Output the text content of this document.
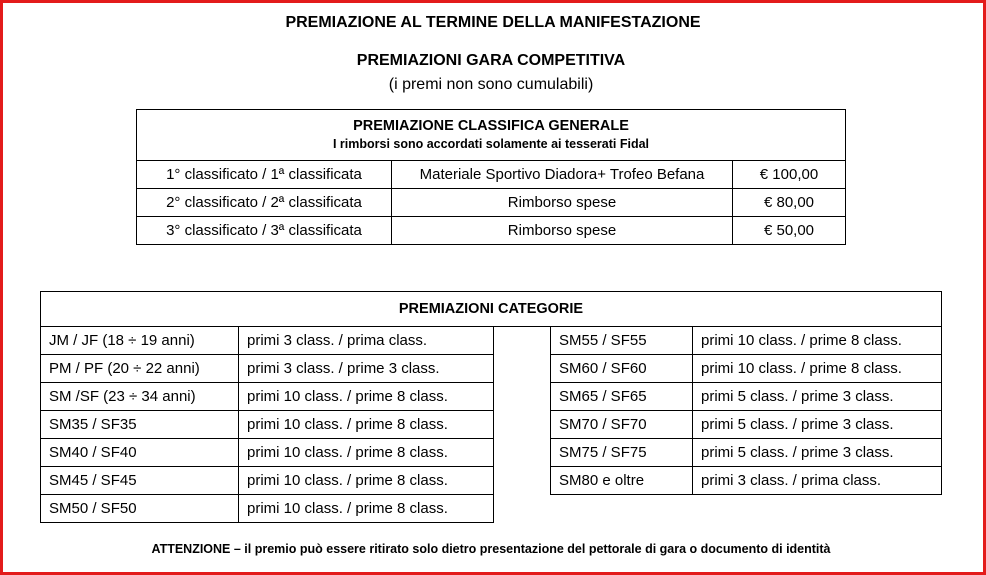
PREMIAZIONE AL TERMINE DELLA MANIFESTAZIONE
PREMIAZIONI GARA COMPETITIVA
(i premi non sono cumulabili)
PREMIAZIONE CLASSIFICA GENERALE
I rimborsi sono accordati solamente ai tesserati Fidal		

1° classificato / 1ª classificata	Materiale Sportivo Diadora+ Trofeo Befana	€ 100,00
2° classificato / 2ª classificata	Rimborso spese	€ 80,00
3° classificato / 3ª classificata	Rimborso spese	€ 50,00
PREMIAZIONI CATEGORIE
JM / JF (18 ÷ 19 anni)	primi 3 class. / prima class.
PM / PF (20 ÷ 22 anni)	primi 3 class. / prime 3 class.
SM /SF (23 ÷ 34 anni)	primi 10 class. / prime 8 class.
SM35 / SF35	primi 10 class. / prime 8 class.
SM40 / SF40	primi 10 class. / prime 8 class.
SM45 / SF45	primi 10 class. / prime 8 class.
SM50 / SF50	primi 10 class. / prime 8 class.
SM55 / SF55	primi 10 class. / prime 8 class.
SM60 / SF60	primi 10 class. / prime 8 class.
SM65 / SF65	primi 5 class. / prime 3 class.
SM70 / SF70	primi 5 class. / prime 3 class.
SM75 / SF75	primi 5 class. / prime 3 class.
SM80 e oltre	primi 3 class. / prima class.
ATTENZIONE – il premio può essere ritirato solo dietro presentazione del pettorale di gara o documento di identità
